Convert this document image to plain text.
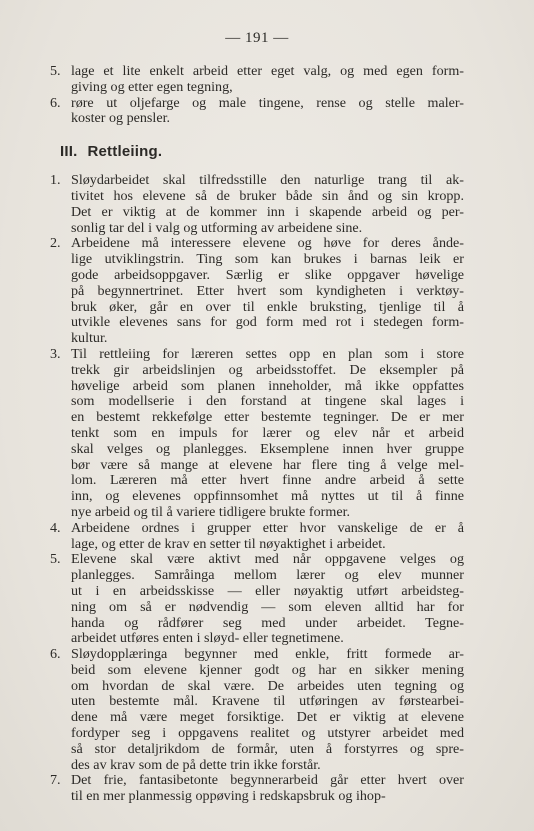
— 191 —
5. lage et lite enkelt arbeid etter eget valg, og med egen form-
giving og etter egen tegning,
6. røre ut oljefarge og male tingene, rense og stelle maler-
koster og pensler.
III. Rettleiing.
1. Sløydarbeidet skal tilfredsstille den naturlige trang til ak-
tivitet hos elevene så de bruker både sin ånd og sin kropp.
Det er viktig at de kommer inn i skapende arbeid og per-
sonlig tar del i valg og utforming av arbeidene sine.
2. Arbeidene må interessere elevene og høve for deres ånde-
lige utviklingstrin. Ting som kan brukes i barnas leik er
gode arbeidsoppgaver. Særlig er slike oppgaver høvelige
på begynnertrinet. Etter hvert som kyndigheten i verktøy-
bruk øker, går en over til enkle bruksting, tjenlige til å
utvikle elevenes sans for god form med rot i stedegen form-
kultur.
3. Til rettleiing for læreren settes opp en plan som i store
trekk gir arbeidslinjen og arbeidsstoffet. De eksempler på
høvelige arbeid som planen inneholder, må ikke oppfattes
som modellserie i den forstand at tingene skal lages i
en bestemt rekkefølge etter bestemte tegninger. De er mer
tenkt som en impuls for lærer og elev når et arbeid
skal velges og planlegges. Eksemplene innen hver gruppe
bør være så mange at elevene har flere ting å velge mel-
lom. Læreren må etter hvert finne andre arbeid å sette
inn, og elevenes oppfinnsomhet må nyttes ut til å finne
nye arbeid og til å variere tidligere brukte former.
4. Arbeidene ordnes i grupper etter hvor vanskelige de er å
lage, og etter de krav en setter til nøyaktighet i arbeidet.
5. Elevene skal være aktivt med når oppgavene velges og
planlegges. Samråinga mellom lærer og elev munner
ut i en arbeidsskisse — eller nøyaktig utført arbeidsteg-
ning om så er nødvendig — som eleven alltid har for
handa og rådfører seg med under arbeidet. Tegne-
arbeidet utføres enten i sløyd- eller tegnetimene.
6. Sløydopplæringa begynner med enkle, fritt formede ar-
beid som elevene kjenner godt og har en sikker mening
om hvordan de skal være. De arbeides uten tegning og
uten bestemte mål. Kravene til utføringen av førstearbei-
dene må være meget forsiktige. Det er viktig at elevene
fordyper seg i oppgavens realitet og utstyrer arbeidet med
så stor detaljrikdom de formår, uten å forstyrres og spre-
des av krav som de på dette trin ikke forstår.
7. Det frie, fantasibetonte begynnerarbeid går etter hvert over
til en mer planmessig oppøving i redskapsbruk og ihop-
